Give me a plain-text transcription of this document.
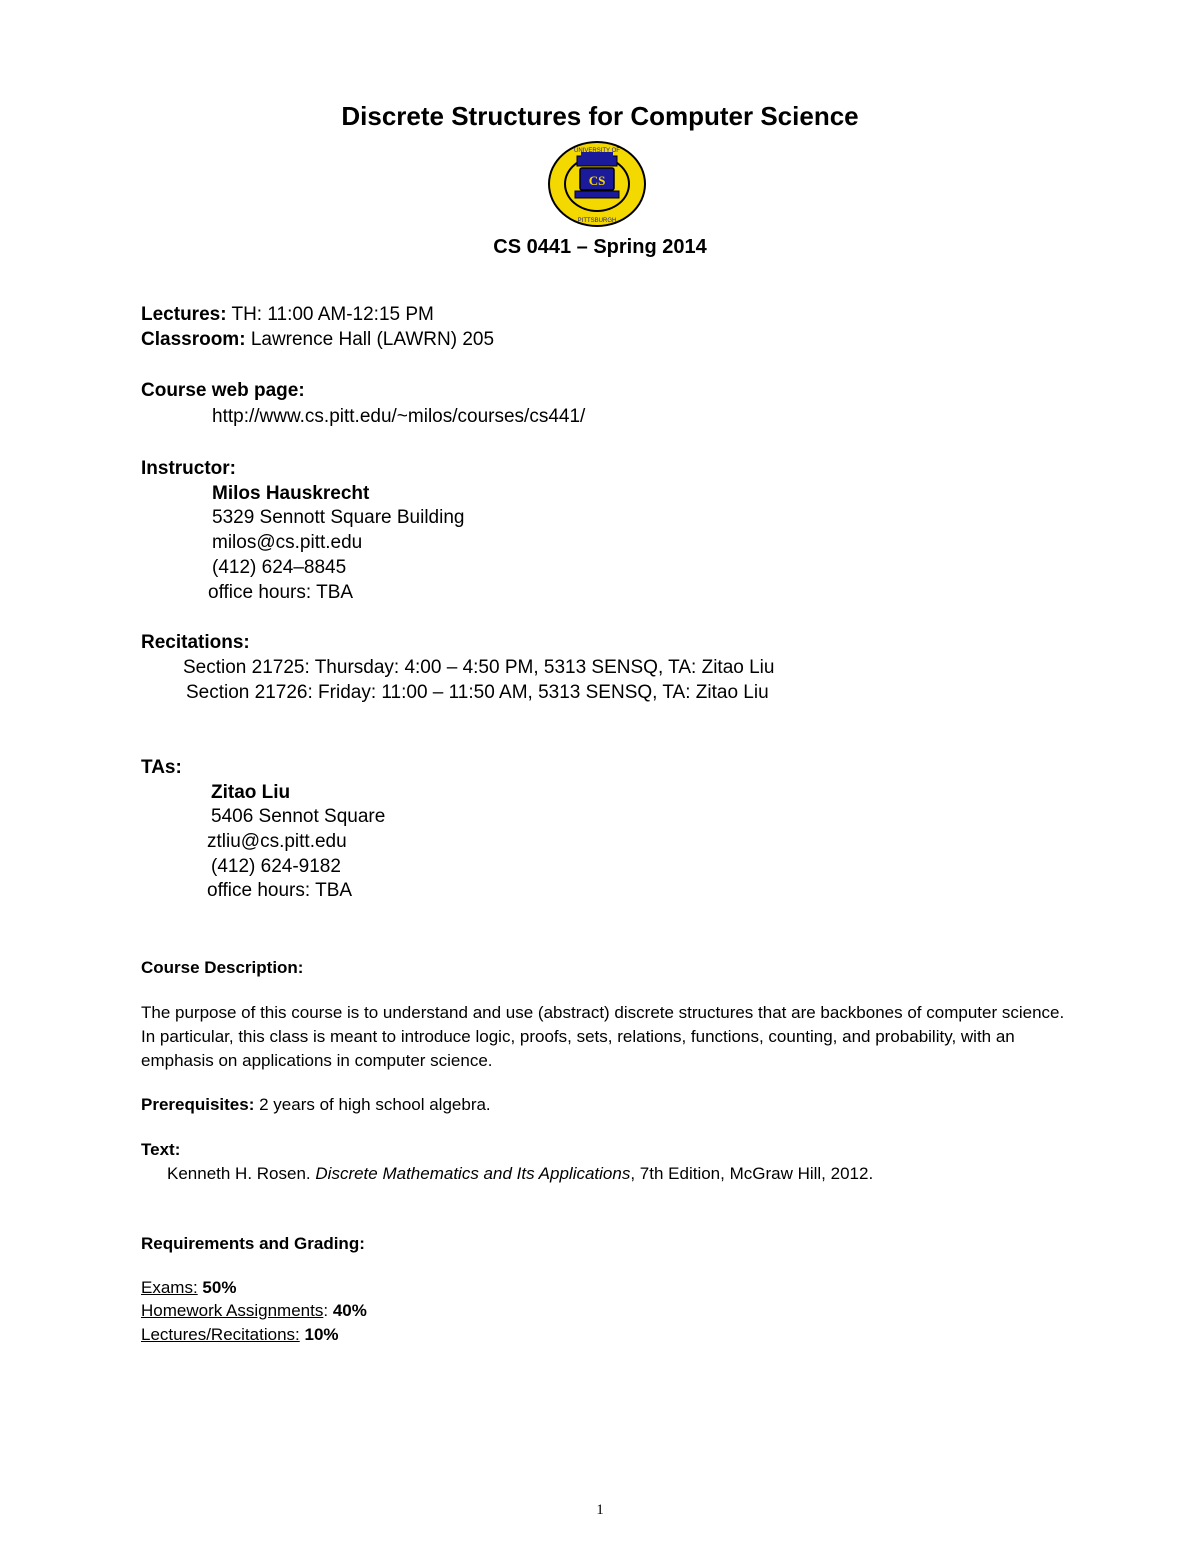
Discrete Structures for Computer Science
CS
UNIVERSITY OF
PITTSBURGH
CS 0441 – Spring 2014
Lectures: TH: 11:00 AM-12:15 PM
Classroom: Lawrence Hall (LAWRN) 205
Course web page:
http://www.cs.pitt.edu/~milos/courses/cs441/
Instructor:
Milos Hauskrecht
5329 Sennott Square Building
milos@cs.pitt.edu
(412) 624–8845
office hours: TBA
Recitations:
Section 21725: Thursday: 4:00 – 4:50 PM, 5313 SENSQ, TA: Zitao Liu
Section 21726: Friday: 11:00 – 11:50 AM, 5313 SENSQ, TA: Zitao Liu
TAs:
Zitao Liu
5406 Sennot Square
ztliu@cs.pitt.edu
(412) 624-9182
office hours: TBA
Course Description:
The purpose of this course is to understand and use (abstract) discrete structures that are backbones of computer science. In particular, this class is meant to introduce logic, proofs, sets, relations, functions, counting, and probability, with an emphasis on applications in computer science.
Prerequisites: 2 years of high school algebra.
Text:
Kenneth H. Rosen. Discrete Mathematics and Its Applications, 7th Edition, McGraw Hill, 2012.
Requirements and Grading:
Exams: 50%
Homework Assignments: 40%
Lectures/Recitations: 10%
1
